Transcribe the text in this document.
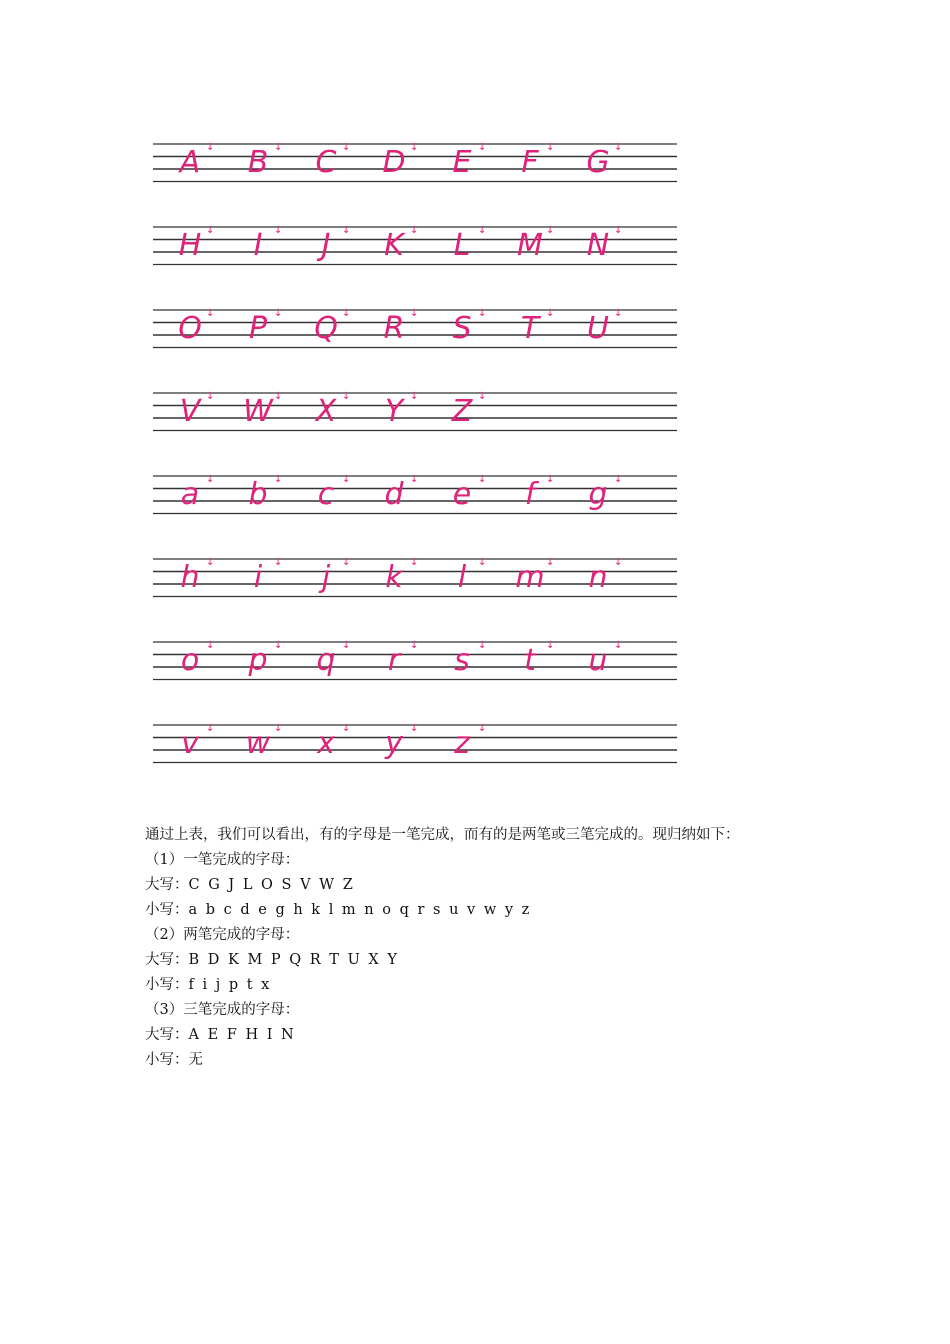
A ↓ B ↓ C ↓ D ↓ E ↓ F ↓ G ↓
H ↓ I ↓ J ↓ K ↓ L ↓ M ↓ N ↓
O ↓ P ↓ Q ↓ R ↓ S ↓ T ↓ U ↓
V ↓ W ↓ X ↓ Y ↓ Z ↓
a ↓ b ↓ c ↓ d ↓ e ↓ f	↓ g ↓
h ↓ i ↓ j ↓ k ↓ l ↓ m ↓ n ↓
o ↓ p ↓ q ↓ r ↓ s ↓ t ↓ u ↓
v ↓ w ↓ x ↓ y ↓ z ↓
通过上表，我们可以看出，有的字母是一笔完成，而有的是两笔或三笔完成的。现归纳如下：
（1）一笔完成的字母：
大写：C G J L O S V W Z
小写：a b c d e g h k l m n o q r s u v w y z
（2）两笔完成的字母：
大写：B D K M P Q R T U X Y
小写：f i j p t x
（3）三笔完成的字母：
大写：A E F H I N
小写：无
